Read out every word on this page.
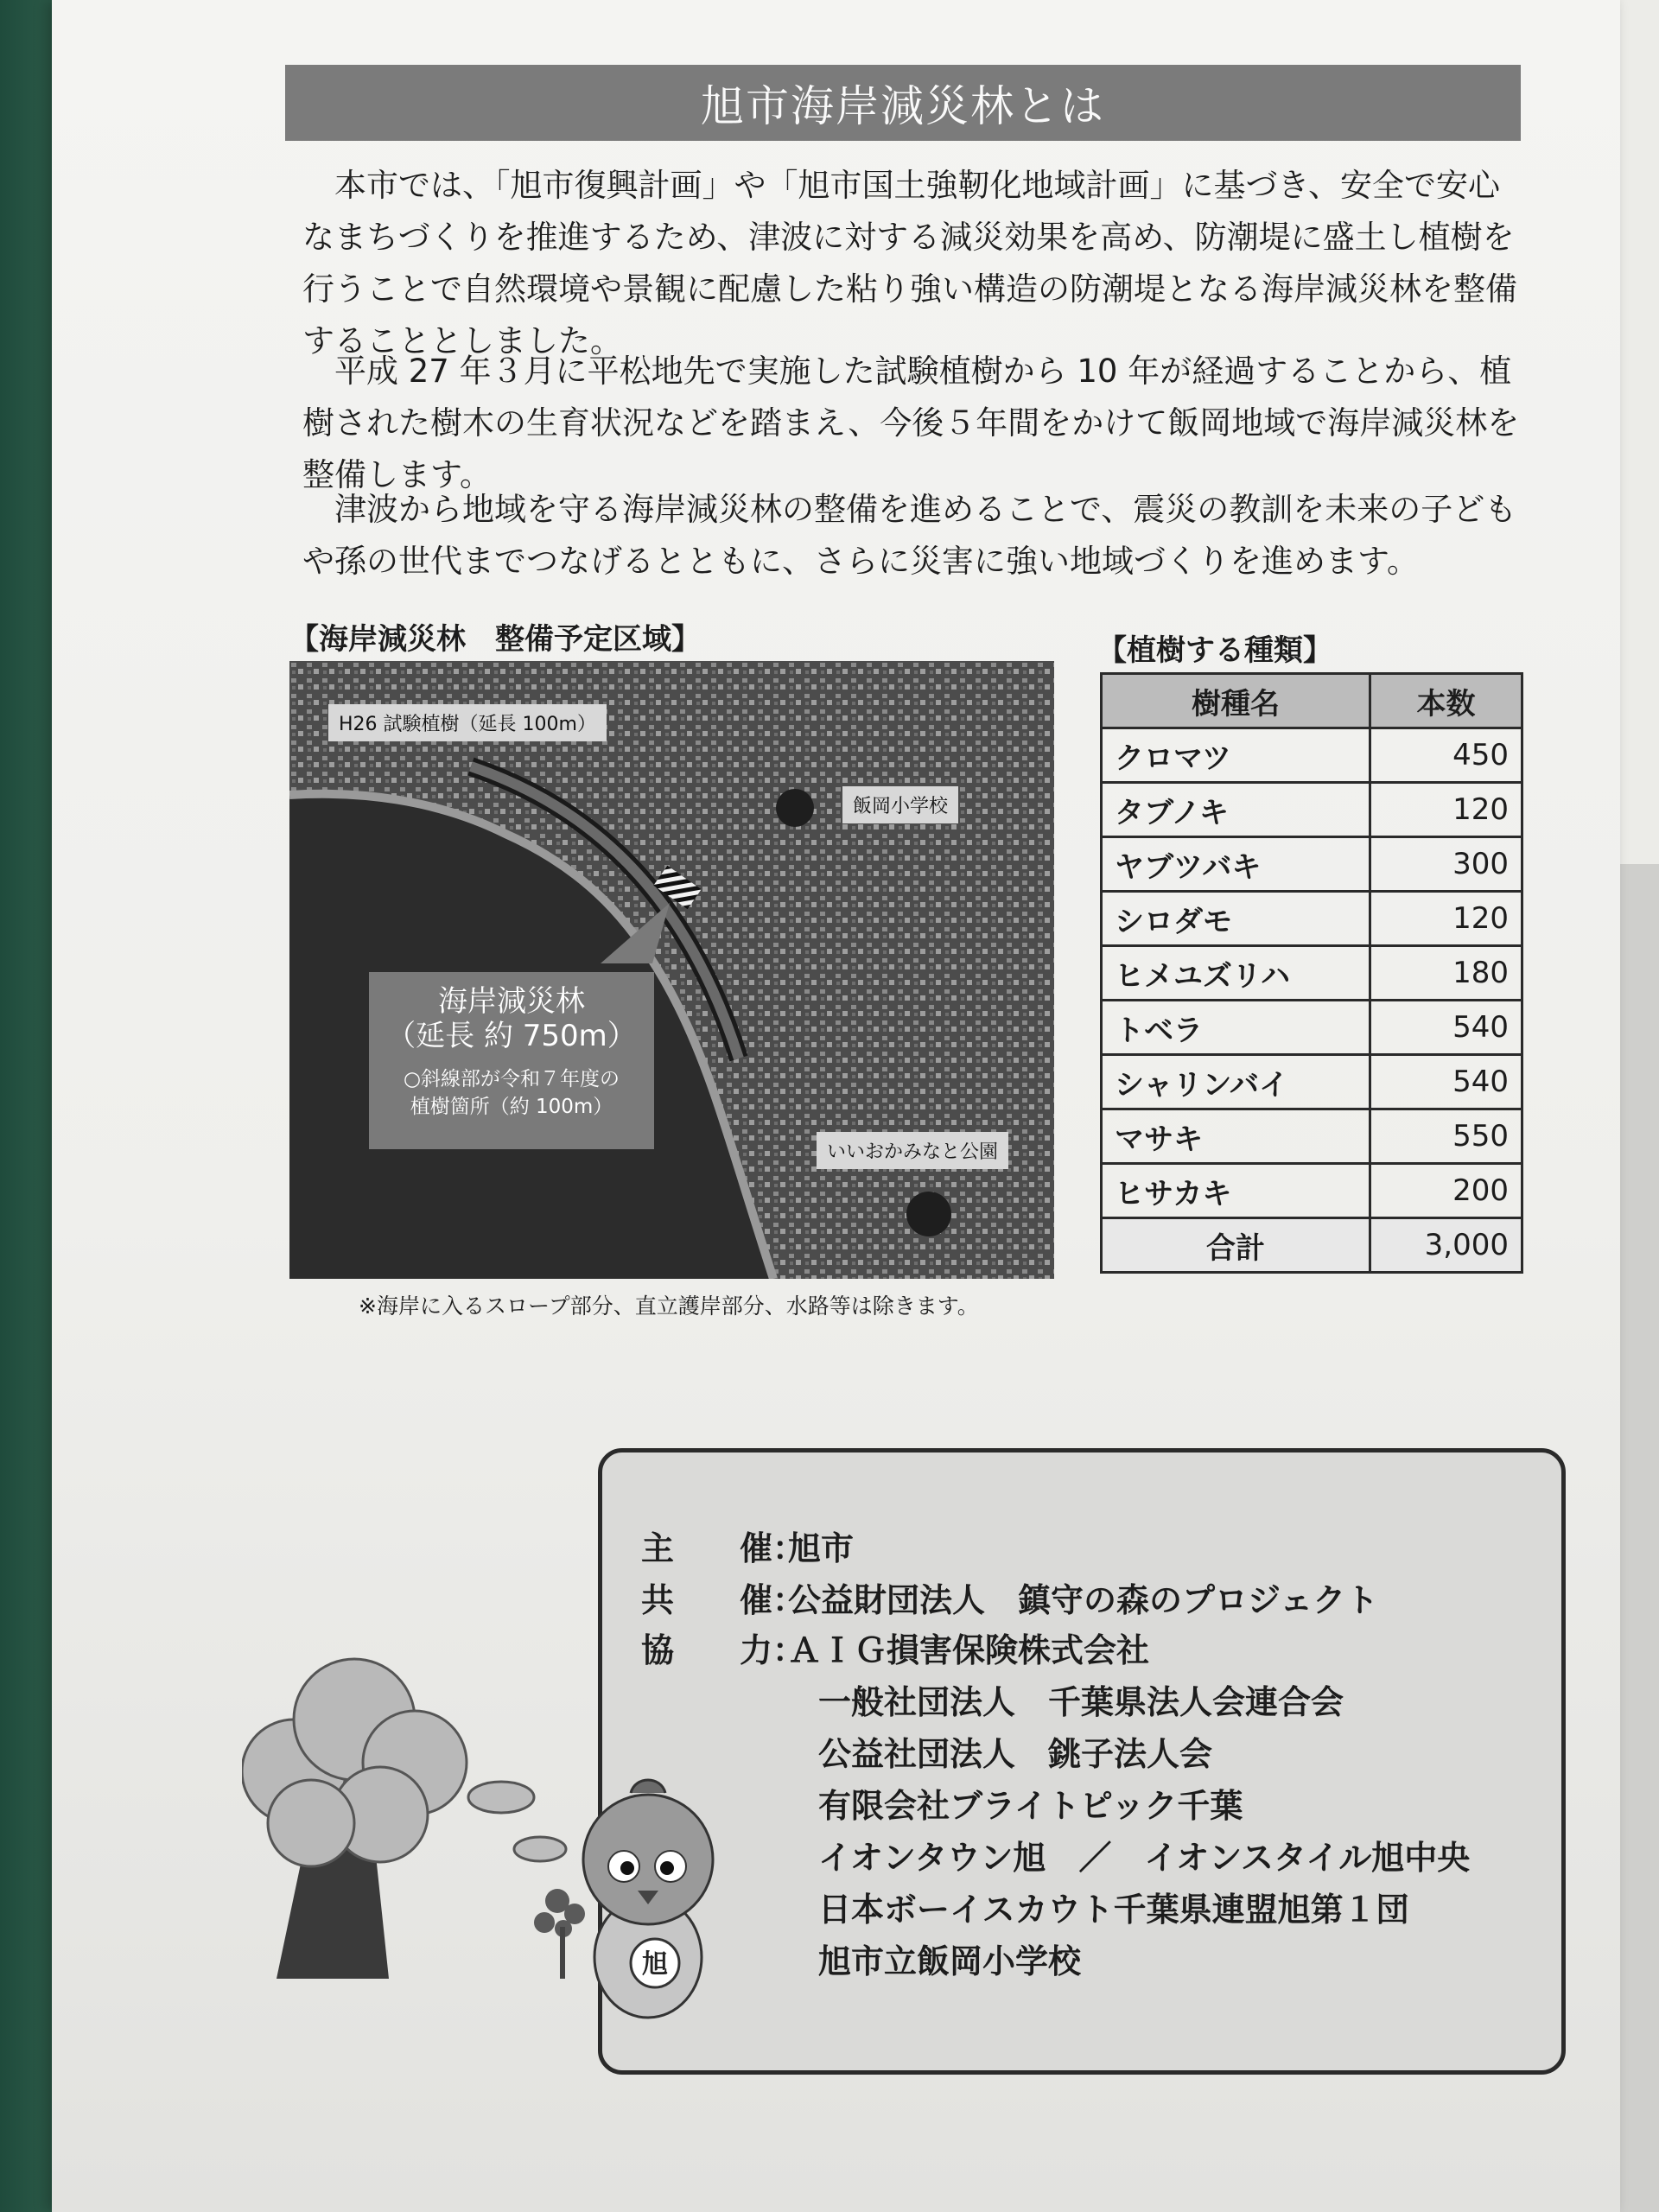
旭市海岸減災林とは

本市では、「旭市復興計画」や「旭市国土強靭化地域計画」に基づき、安全で安心なまちづくりを推進するため、津波に対する減災効果を高め、防潮堤に盛土し植樹を行うことで自然環境や景観に配慮した粘り強い構造の防潮堤となる海岸減災林を整備することとしました。

平成 27 年３月に平松地先で実施した試験植樹から 10 年が経過することから、植樹された樹木の生育状況などを踏まえ、今後５年間をかけて飯岡地域で海岸減災林を整備します。

津波から地域を守る海岸減災林の整備を進めることで、震災の教訓を未来の子どもや孫の世代までつなげるとともに、さらに災害に強い地域づくりを進めます。

【海岸減災林　整備予定区域】
H26 試験植樹（延長 100m）
飯岡小学校
いいおかみなと公園
海岸減災林
（延長 約 750m）
○斜線部が令和７年度の
植樹箇所（約 100m）
※海岸に入るスロープ部分、直立護岸部分、水路等は除きます。
【植樹する種類】
樹種名	本数
クロマツ	450
タブノキ	120
ヤブツバキ	300
シロダモ	120
ヒメユズリハ	180
トベラ	540
シャリンバイ	540
マサキ	550
ヒサカキ	200
合計	3,000
主　　催：旭市
共　　催：公益財団法人　鎮守の森のプロジェクト
協　　力：ＡＩＧ損害保険株式会社
一般社団法人　千葉県法人会連合会
公益社団法人　銚子法人会
有限会社ブライトピック千葉
イオンタウン旭　／　イオンスタイル旭中央
日本ボーイスカウト千葉県連盟旭第１団
旭市立飯岡小学校
旭
